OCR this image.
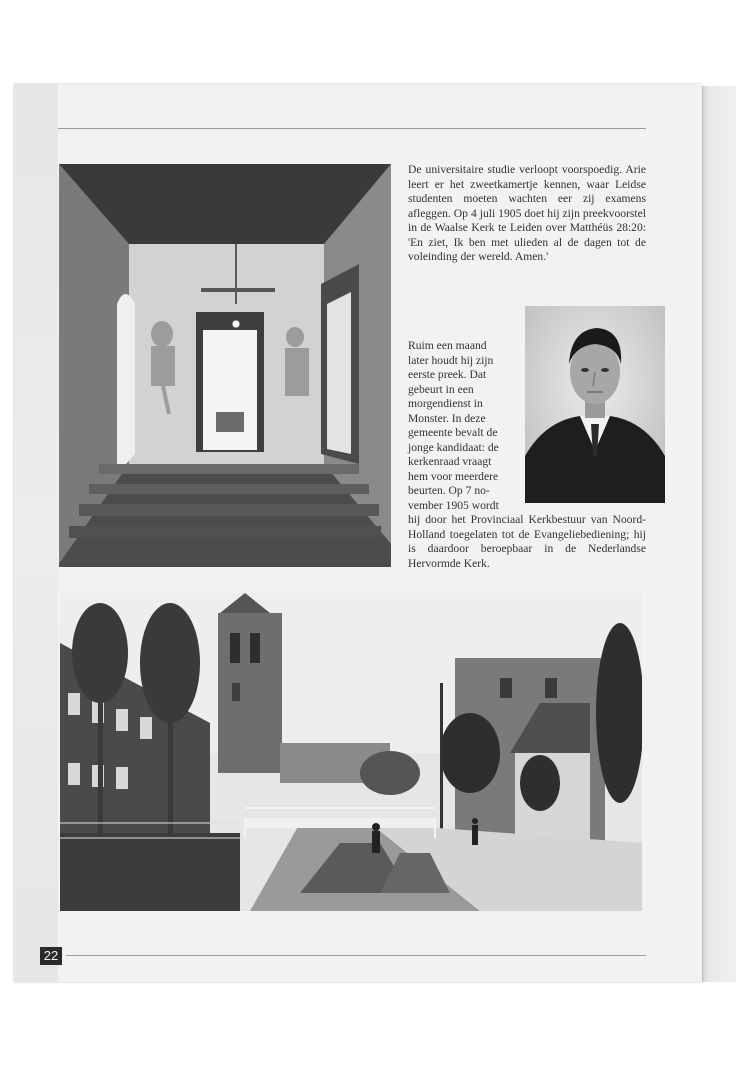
De universitaire studie verloopt voorspoedig. Arie leert er het zweetkamertje kennen, waar Leidse studenten moeten wachten eer zij examens afleggen. Op 4 juli 1905 doet hij zijn preekvoorstel in de Waalse Kerk te Leiden over Matthéüs 28:20: 'En ziet, Ik ben met ulieden al de dagen tot de voleinding der wereld. Amen.'
Ruim een maand
later houdt hij zijn
eerste preek. Dat
gebeurt in een
morgendienst in
Monster. In deze
gemeente bevalt de
jonge kandidaat: de
kerkenraad vraagt
hem voor meerdere
beurten. Op 7 no-
vember 1905 wordt
hij door het Provinciaal Kerkbestuur van Noord-Holland toegelaten tot de Evangeliebediening; hij is daardoor beroepbaar in de Nederlandse Hervormde Kerk.
22
